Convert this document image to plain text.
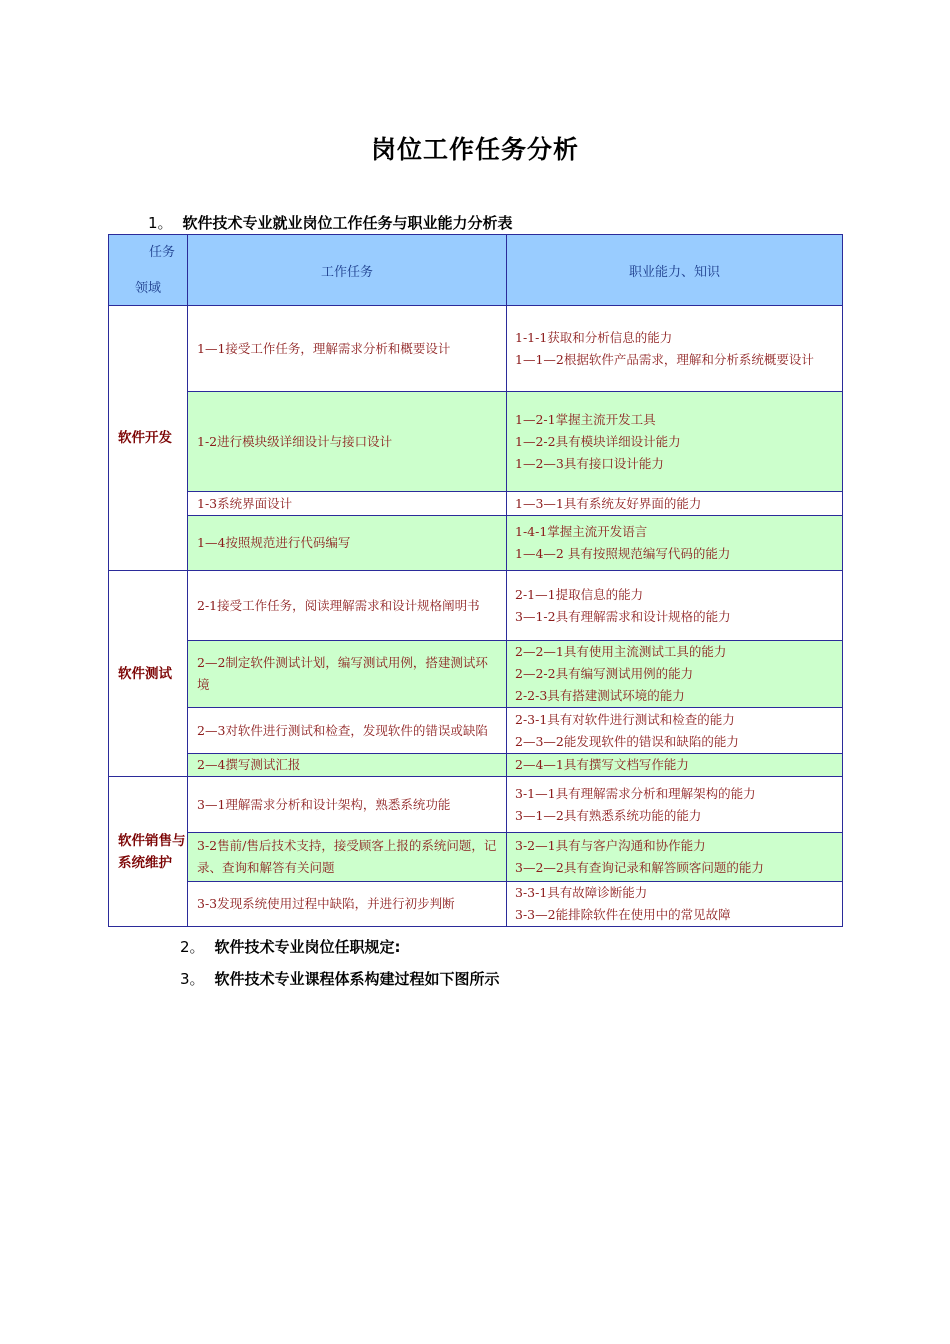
岗位工作任务分析
1。 软件技术专业就业岗位工作任务与职业能力分析表
任务
领域	工作任务	职业能力、知识
软件开发	1—1接受工作任务，理解需求分析和概要设计	1-1-1获取和分析信息的能力
1—1—2根据软件产品需求，理解和分析系统概要设计

	1-2进行模块级详细设计与接口设计	1—2-1掌握主流开发工具
1—2-2具有模块详细设计能力
1—2—3具有接口设计能力

	1-3系统界面设计	1—3—1具有系统友好界面的能力

	1—4按照规范进行代码编写	1-4-1掌握主流开发语言
1—4—2 具有按照规范编写代码的能力

软件测试	2-1接受工作任务，阅读理解需求和设计规格阐明书	2-1—1提取信息的能力
3—1-2具有理解需求和设计规格的能力

	2—2制定软件测试计划，编写测试用例，搭建测试环境	2—2—1具有使用主流测试工具的能力
2—2-2具有编写测试用例的能力
2-2-3具有搭建测试环境的能力

	2—3对软件进行测试和检查，发现软件的错误或缺陷	2-3-1具有对软件进行测试和检查的能力
2—3—2能发现软件的错误和缺陷的能力

	2—4撰写测试汇报	2—4—1具有撰写文档写作能力

软件销售与系统维护	3—1理解需求分析和设计架构，熟悉系统功能	3-1—1具有理解需求分析和理解架构的能力
3—1—2具有熟悉系统功能的能力

	3-2售前/售后技术支持，接受顾客上报的系统问题，记录、查询和解答有关问题	3-2—1具有与客户沟通和协作能力
3—2—2具有查询记录和解答顾客问题的能力

	3-3发现系统使用过程中缺陷，并进行初步判断	3-3-1具有故障诊断能力
3-3—2能排除软件在使用中的常见故障
2。 软件技术专业岗位任职规定:
3。 软件技术专业课程体系构建过程如下图所示
